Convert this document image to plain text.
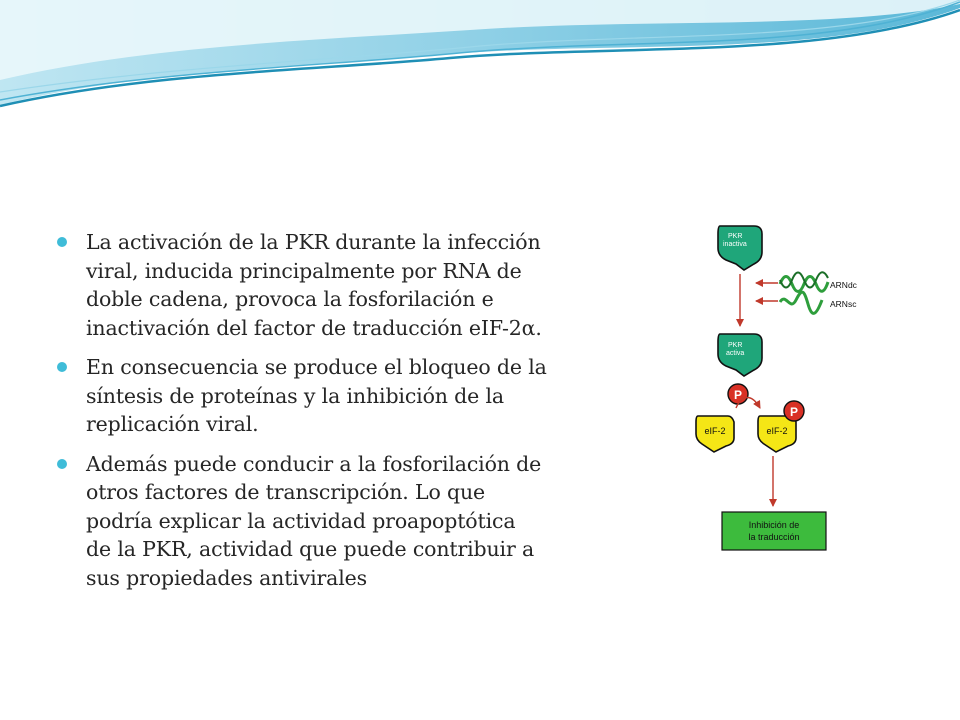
La activación de la PKR durante la infección
viral, inducida principalmente por RNA de
doble cadena, provoca la fosforilación e
inactivación del factor de traducción eIF-2α.
En consecuencia se produce el bloqueo de la
síntesis de proteínas y la inhibición de la
replicación viral.
Además puede conducir a la fosforilación de
otros factores de transcripción. Lo que
podría explicar la actividad proapoptótica
de la PKR, actividad que puede contribuir a
sus propiedades antivirales
PKR
inactiva
ARNdc
ARNsc
PKR
activa
P
eIF-2	eIF-2
P
Inhibición de
la traducción
